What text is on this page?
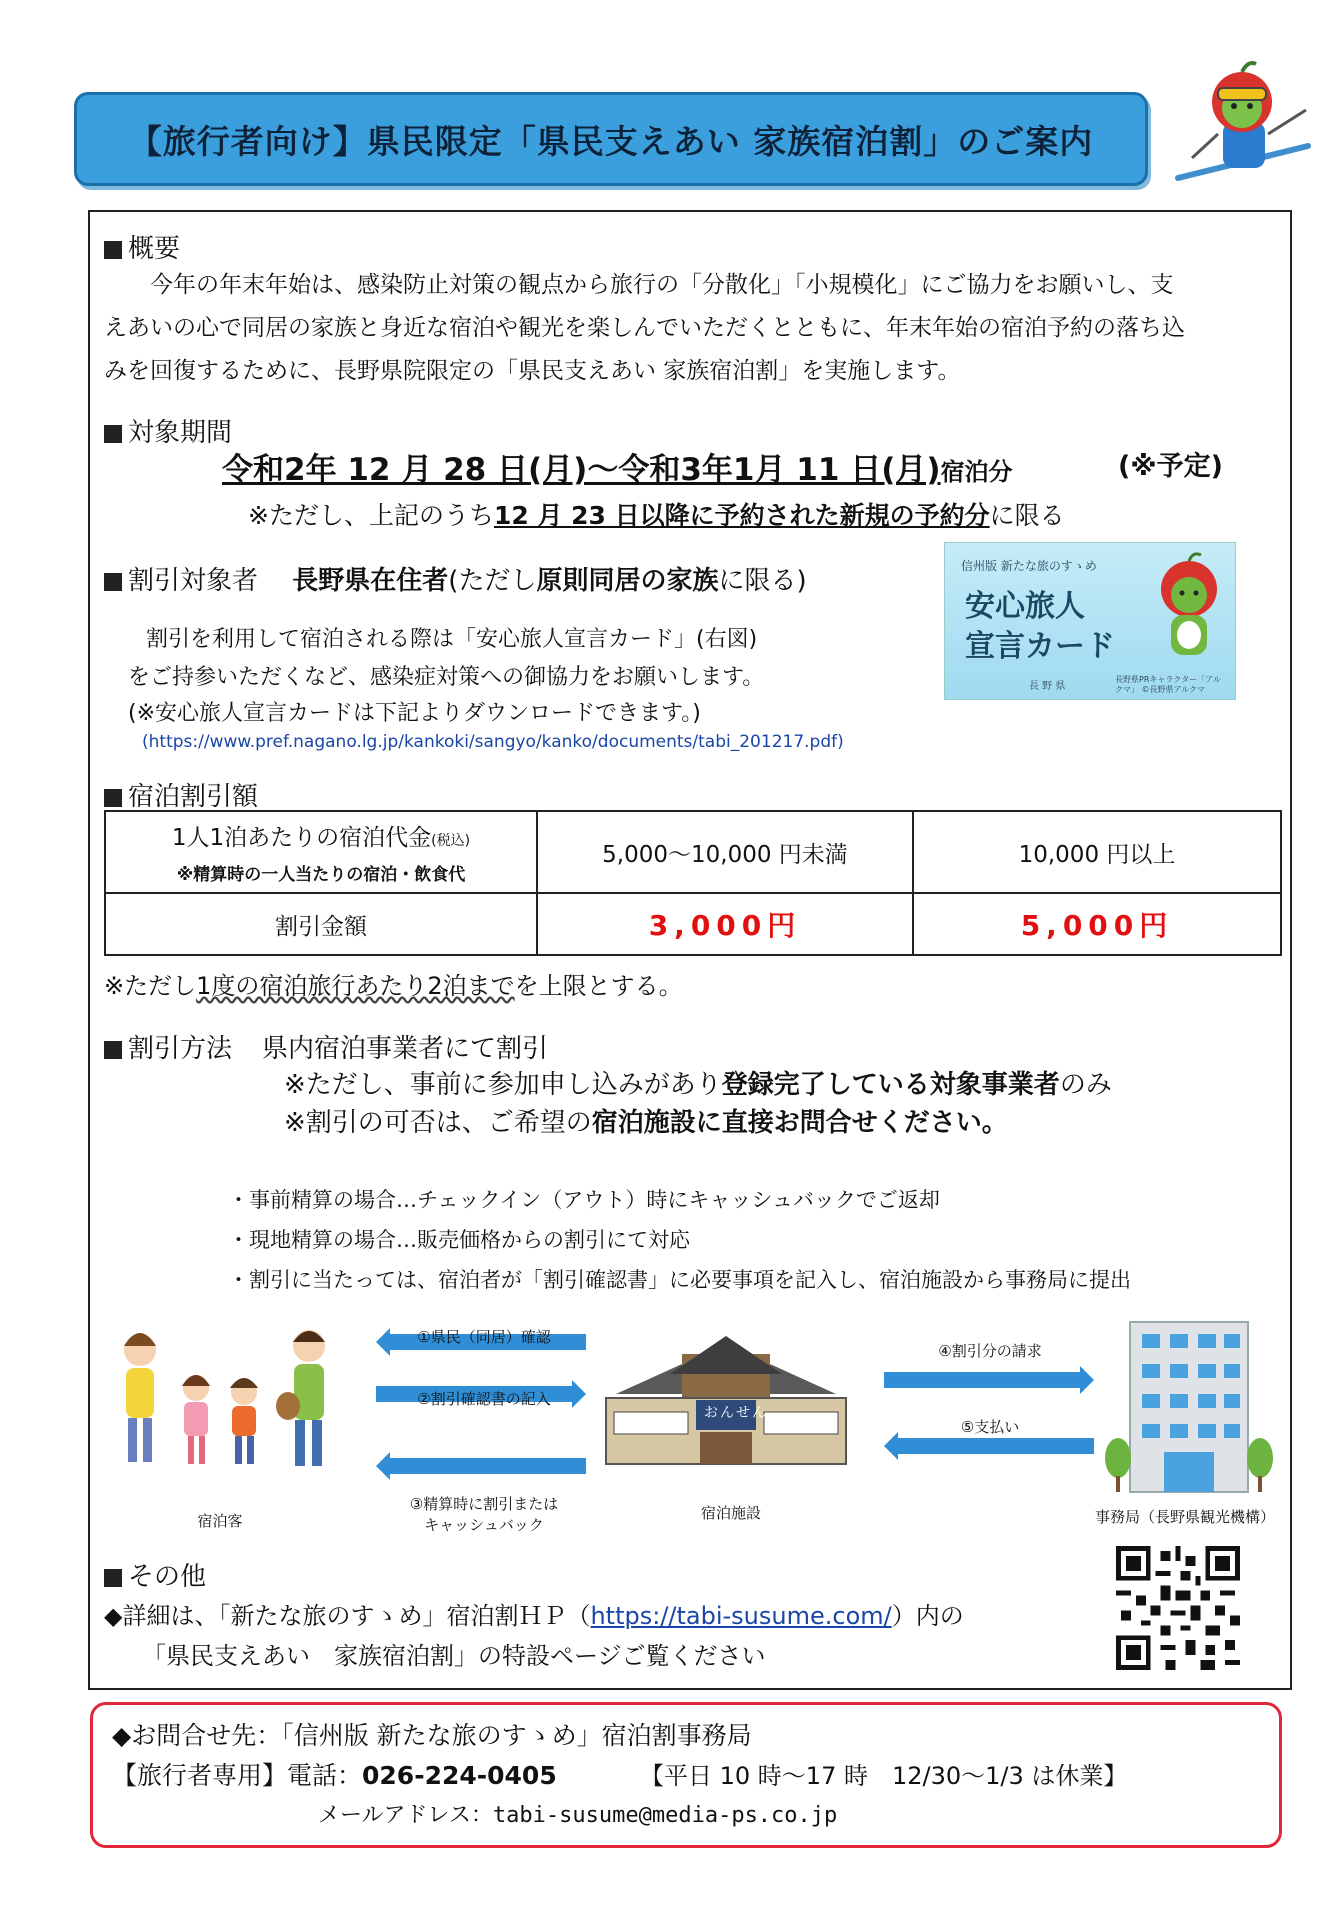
【旅行者向け】県民限定「県民支えあい 家族宿泊割」のご案内
概要
今年の年末年始は、感染防止対策の観点から旅行の「分散化」「小規模化」にご協力をお願いし、支
えあいの心で同居の家族と身近な宿泊や観光を楽しんでいただくとともに、年末年始の宿泊予約の落ち込
みを回復するために、長野県院限定の「県民支えあい 家族宿泊割」を実施します。
対象期間
令和2年 12 月 28 日(月)～令和3年1月 11 日(月)宿泊分	(※予定)
※ただし、上記のうち12 月 23 日以降に予約された新規の予約分に限る
割引対象者 長野県在住者(ただし原則同居の家族に限る)
割引を利用して宿泊される際は「安心旅人宣言カード」(右図)
をご持参いただくなど、感染症対策への御協力をお願いします。
(※安心旅人宣言カードは下記よりダウンロードできます。)
(https://www.pref.nagano.lg.jp/kankoki/sangyo/kanko/documents/tabi_201217.pdf)
信州版 新たな旅のすゝめ
安心旅人
宣言カード
長 野 県
長野県PRキャラクター「アルクマ」 ©長野県アルクマ
宿泊割引額
1人1泊あたりの宿泊代金(税込)
※精算時の一人当たりの宿泊・飲食代	5,000～10,000 円未満	10,000 円以上
割引金額	3,000円	5,000円
※ただし1度の宿泊旅行あたり2泊までを上限とする。
割引方法 県内宿泊事業者にて割引
※ただし、事前に参加申し込みがあり登録完了している対象事業者のみ
※割引の可否は、ご希望の宿泊施設に直接お問合せください。
・事前精算の場合…チェックイン（アウト）時にキャッシュバックでご返却
・現地精算の場合…販売価格からの割引にて対応
・割引に当たっては、宿泊者が「割引確認書」に必要事項を記入し、宿泊施設から事務局に提出
宿泊客
①県民（同居）確認
②割引確認書の記入
③精算時に割引または
キャッシュバック
おんせん
宿泊施設
④割引分の請求
⑤支払い
事務局（長野県観光機構）
その他
◆詳細は、「新たな旅のすゝめ」宿泊割ＨＰ（https://tabi-susume.com/）内の
「県民支えあい　家族宿泊割」の特設ページご覧ください
◆お問合せ先：「信州版 新たな旅のすゝめ」宿泊割事務局
【旅行者専用】電話：026-224-0405	【平日 10 時～17 時　12/30～1/3 は休業】
メールアドレス：tabi-susume@media-ps.co.jp
